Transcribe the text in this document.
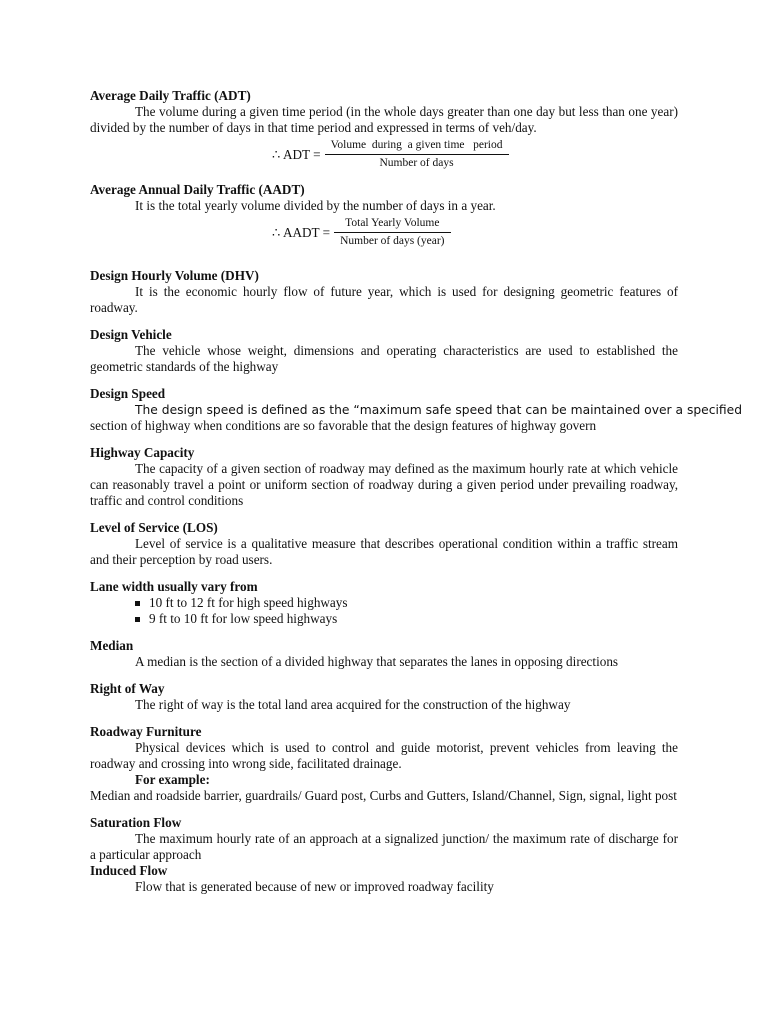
Average Daily Traffic (ADT)
The volume during a given time period (in the whole days greater than one day but less than one year) divided by the number of days in that time period and expressed in terms of veh/day.
∴ ADT = $\frac{\text{Volume  during  a given time   period}}{\text{Number of days}}$
Average Annual Daily Traffic (AADT)
It is the total yearly volume divided by the number of days in a year.
∴ AADT = $\frac{\text{Total Yearly Volume}}{\text{Number of days (year)}}$
Design Hourly Volume (DHV)
It is the economic hourly flow of future year, which is used for designing geometric features of roadway.
Design Vehicle
The vehicle whose weight, dimensions and operating characteristics are used to established the geometric standards of the highway
Design Speed
The design speed is defined as the “maximum safe speed that can be maintained over a specified
section of highway when conditions are so favorable that the design features of highway govern
Highway Capacity
The capacity of a given section of roadway may defined as the maximum hourly rate at which vehicle can reasonably travel a point or uniform section of roadway during a given period under prevailing roadway, traffic and control conditions
Level of Service (LOS)
Level of service is a qualitative measure that describes operational condition within a traffic stream and their perception by road users.
Lane width usually vary from
10 ft to 12 ft for high speed highways
9 ft to 10 ft for low speed highways
Median
A median is the section of a divided highway that separates the lanes in opposing directions
Right of Way
The right of way is the total land area acquired for the construction of the highway
Roadway Furniture
Physical devices which is used to control and guide motorist, prevent vehicles from leaving the roadway and crossing into wrong side, facilitated drainage.
For example:
Median and roadside barrier, guardrails/ Guard post, Curbs and Gutters, Island/Channel, Sign, signal, light post
Saturation Flow
The maximum hourly rate of an approach at a signalized junction/ the maximum rate of discharge for a particular approach
Induced Flow
Flow that is generated because of new or improved roadway facility
